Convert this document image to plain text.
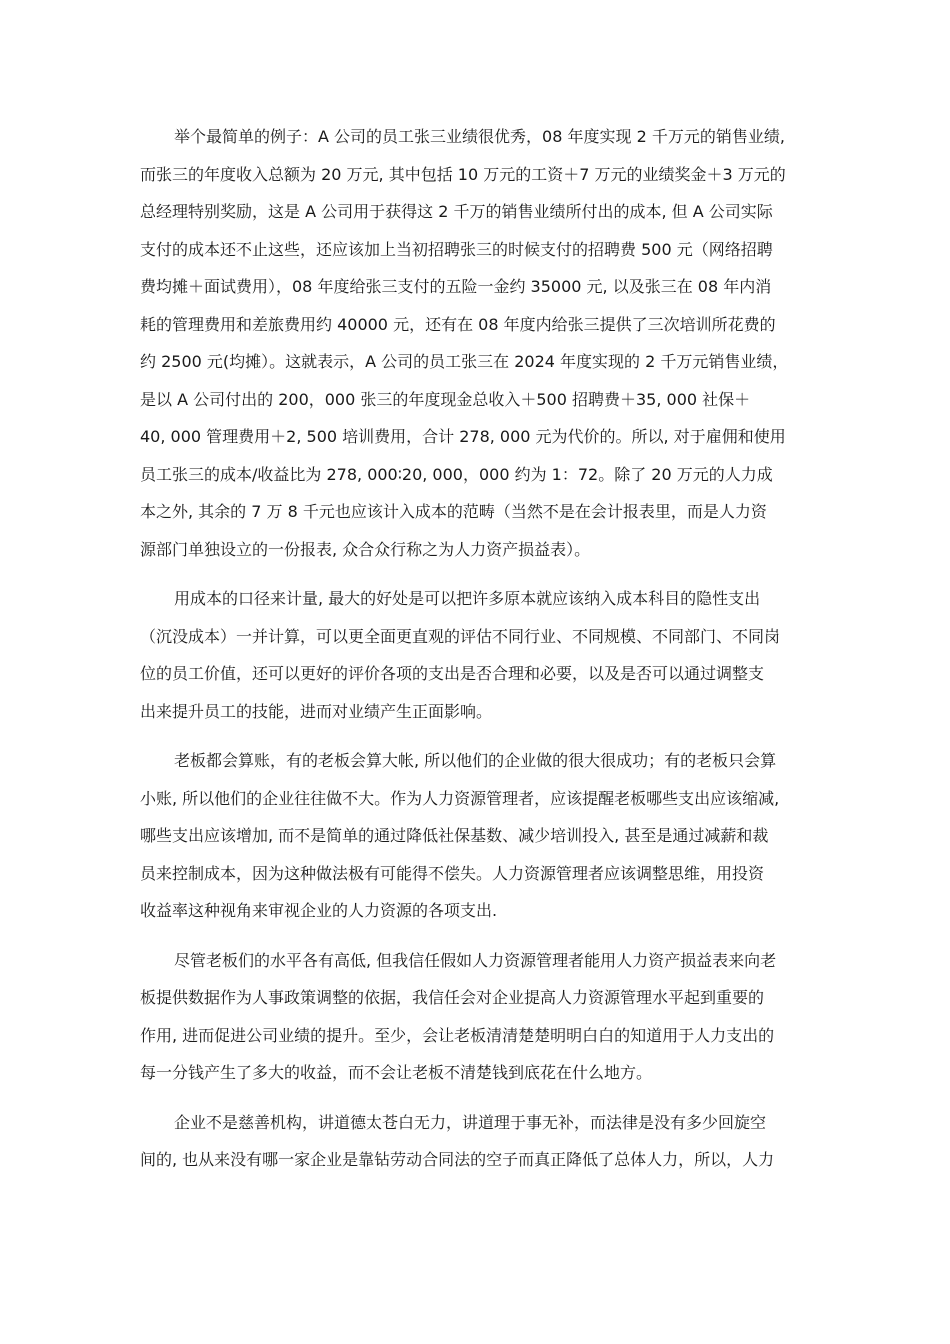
举个最简单的例子：A 公司的员工张三业绩很优秀，08 年度实现 2 千万元的销售业绩,
而张三的年度收入总额为 20 万元, 其中包括 10 万元的工资＋7 万元的业绩奖金＋3 万元的
总经理特别奖励，这是 A 公司用于获得这 2 千万的销售业绩所付出的成本, 但 A 公司实际
支付的成本还不止这些，还应该加上当初招聘张三的时候支付的招聘费 500 元（网络招聘
费均摊＋面试费用），08 年度给张三支付的五险一金约 35000 元, 以及张三在 08 年内消
耗的管理费用和差旅费用约 40000 元，还有在 08 年度内给张三提供了三次培训所花费的
约 2500 元(均摊）。这就表示，A 公司的员工张三在 2024 年度实现的 2 千万元销售业绩，
是以 A 公司付出的 200，000 张三的年度现金总收入＋500 招聘费＋35, 000 社保＋
40, 000 管理费用＋2, 500 培训费用，合计 278, 000 元为代价的。所以, 对于雇佣和使用
员工张三的成本/收益比为 278, 000∶20, 000，000 约为 1：72。除了 20 万元的人力成
本之外, 其余的 7 万 8 千元也应该计入成本的范畴（当然不是在会计报表里，而是人力资
源部门单独设立的一份报表, 众合众行称之为人力资产损益表）。

用成本的口径来计量, 最大的好处是可以把许多原本就应该纳入成本科目的隐性支出
（沉没成本）一并计算，可以更全面更直观的评估不同行业、不同规模、不同部门、不同岗
位的员工价值，还可以更好的评价各项的支出是否合理和必要，以及是否可以通过调整支
出来提升员工的技能，进而对业绩产生正面影响。

老板都会算账，有的老板会算大帐, 所以他们的企业做的很大很成功；有的老板只会算
小账, 所以他们的企业往往做不大。作为人力资源管理者，应该提醒老板哪些支出应该缩减,
哪些支出应该增加, 而不是简单的通过降低社保基数、减少培训投入, 甚至是通过减薪和裁
员来控制成本，因为这种做法极有可能得不偿失。人力资源管理者应该调整思维，用投资
收益率这种视角来审视企业的人力资源的各项支出.

尽管老板们的水平各有高低, 但我信任假如人力资源管理者能用人力资产损益表来向老
板提供数据作为人事政策调整的依据，我信任会对企业提高人力资源管理水平起到重要的
作用, 进而促进公司业绩的提升。至少，会让老板清清楚楚明明白白的知道用于人力支出的
每一分钱产生了多大的收益，而不会让老板不清楚钱到底花在什么地方。

企业不是慈善机构，讲道德太苍白无力，讲道理于事无补，而法律是没有多少回旋空
间的, 也从来没有哪一家企业是靠钻劳动合同法的空子而真正降低了总体人力，所以，人力
